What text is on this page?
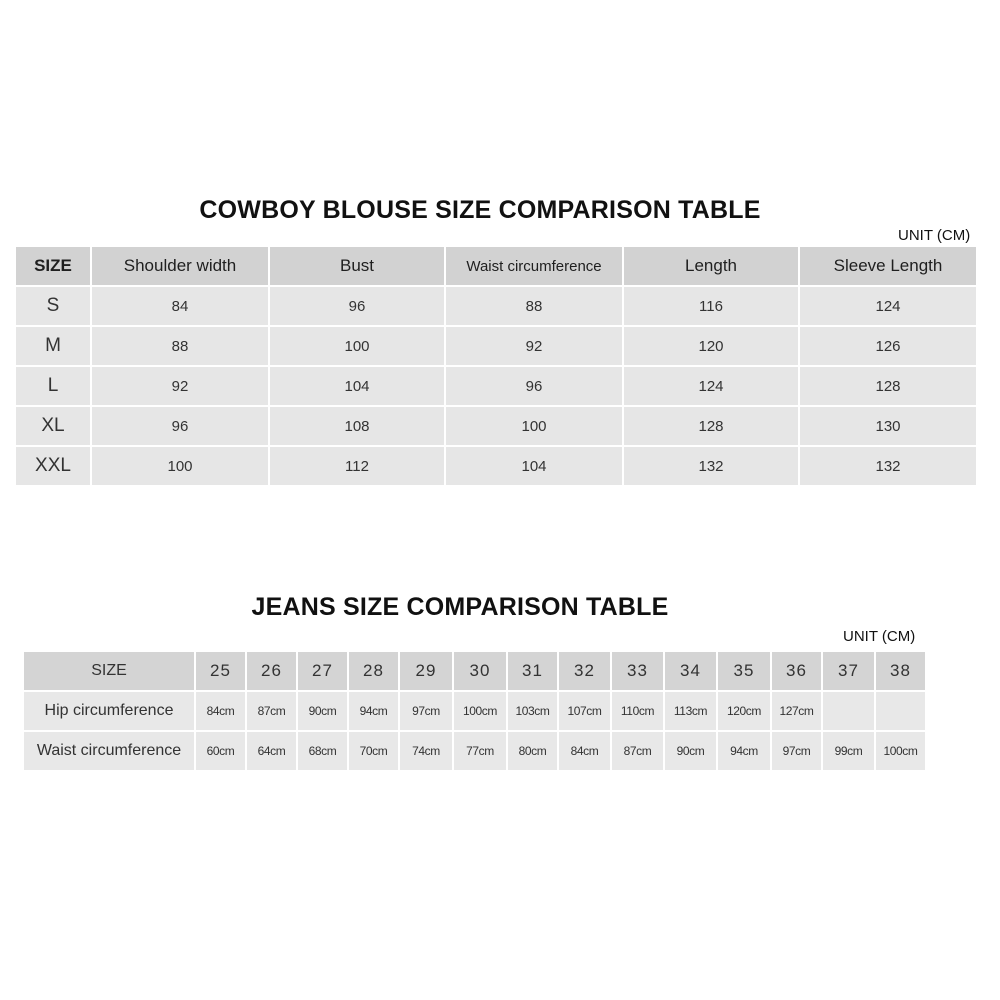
COWBOY BLOUSE SIZE COMPARISON TABLE
UNIT (CM)
SIZE	Shoulder width	Bust	Waist circumference	Length	Sleeve Length
S	84	96	88	116	124
M	88	100	92	120	126
L	92	104	96	124	128
XL	96	108	100	128	130
XXL	100	112	104	132	132
JEANS SIZE COMPARISON TABLE
UNIT (CM)
SIZE	25	26	27	28	29	30	31	32	33	34	35	36	37	38
Hip circumference	84cm	87cm	90cm	94cm	97cm	100cm	103cm	107cm	110cm	113cm	120cm	127cm		
Waist circumference	60cm	64cm	68cm	70cm	74cm	77cm	80cm	84cm	87cm	90cm	94cm	97cm	99cm	100cm
